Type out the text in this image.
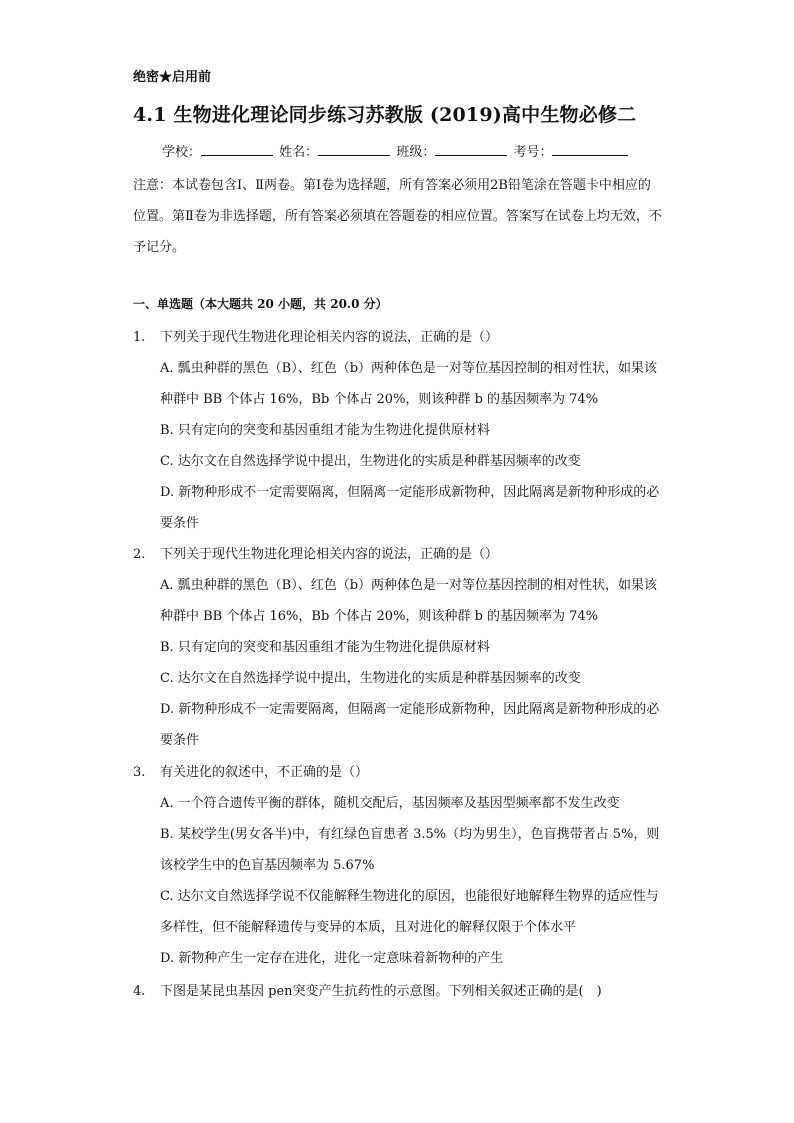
绝密★启用前
4.1 生物进化理论同步练习苏教版 (2019)高中生物必修二
学校：	姓名：	班级：	考号：
注意：本试卷包含Ⅰ、Ⅱ两卷。第Ⅰ卷为选择题，所有答案必须用2B铅笔涂在答题卡中相应的位置。第Ⅱ卷为非选择题，所有答案必须填在答题卷的相应位置。答案写在试卷上均无效，不予记分。
一、单选题（本大题共 20 小题，共 20.0 分）
1. 下列关于现代生物进化理论相关内容的说法，正确的是（）
A. 瓢虫种群的黑色（B）、红色（b）两种体色是一对等位基因控制的相对性状，如果该种群中 BB 个体占 16%，Bb 个体占 20%，则该种群 b 的基因频率为 74%
B. 只有定向的突变和基因重组才能为生物进化提供原材料
C. 达尔文在自然选择学说中提出，生物进化的实质是种群基因频率的改变
D. 新物种形成不一定需要隔离，但隔离一定能形成新物种，因此隔离是新物种形成的必要条件
2. 下列关于现代生物进化理论相关内容的说法，正确的是（）
A. 瓢虫种群的黑色（B）、红色（b）两种体色是一对等位基因控制的相对性状，如果该种群中 BB 个体占 16%，Bb 个体占 20%，则该种群 b 的基因频率为 74%
B. 只有定向的突变和基因重组才能为生物进化提供原材料
C. 达尔文在自然选择学说中提出，生物进化的实质是种群基因频率的改变
D. 新物种形成不一定需要隔离，但隔离一定能形成新物种，因此隔离是新物种形成的必要条件
3. 有关进化的叙述中，不正确的是（）
A. 一个符合遗传平衡的群体，随机交配后，基因频率及基因型频率都不发生改变
B. 某校学生(男女各半)中，有红绿色盲患者 3.5%（均为男生），色盲携带者占 5%，则该校学生中的色盲基因频率为 5.67%
C. 达尔文自然选择学说不仅能解释生物进化的原因，也能很好地解释生物界的适应性与多样性，但不能解释遗传与变异的本质，且对进化的解释仅限于个体水平
D. 新物种产生一定存在进化，进化一定意味着新物种的产生
4. 下图是某昆虫基因 pen突变产生抗药性的示意图。下列相关叙述正确的是(　)
